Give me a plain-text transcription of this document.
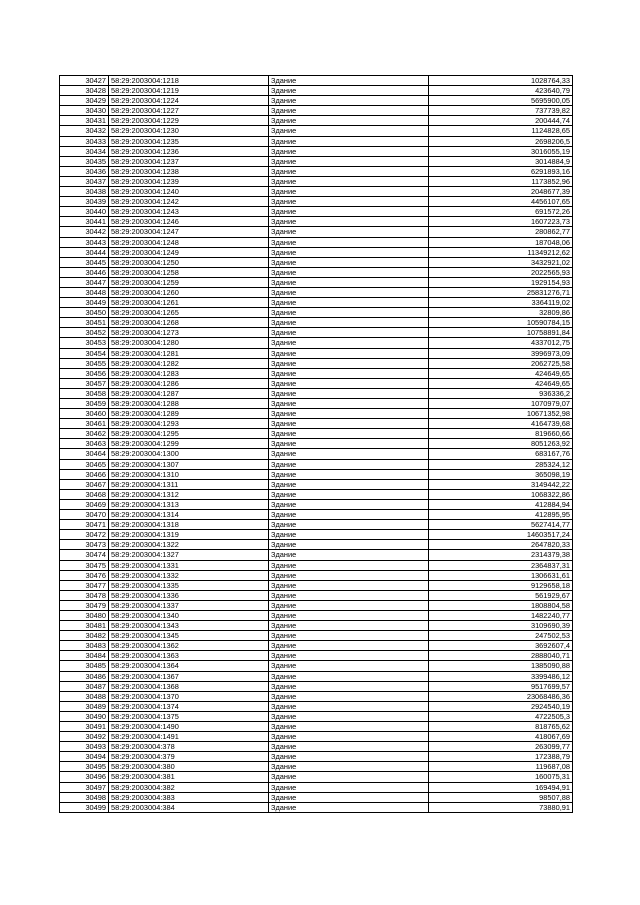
30427	58:29:2003004:1218	Здание	1028764,33
30428	58:29:2003004:1219	Здание	423640,79
30429	58:29:2003004:1224	Здание	5695900,05
30430	58:29:2003004:1227	Здание	737739,82
30431	58:29:2003004:1229	Здание	200444,74
30432	58:29:2003004:1230	Здание	1124828,65
30433	58:29:2003004:1235	Здание	2698206,5
30434	58:29:2003004:1236	Здание	3016055,19
30435	58:29:2003004:1237	Здание	3014884,9
30436	58:29:2003004:1238	Здание	6291893,16
30437	58:29:2003004:1239	Здание	1173852,96
30438	58:29:2003004:1240	Здание	2048677,39
30439	58:29:2003004:1242	Здание	4456107,65
30440	58:29:2003004:1243	Здание	691572,26
30441	58:29:2003004:1246	Здание	1607223,73
30442	58:29:2003004:1247	Здание	280862,77
30443	58:29:2003004:1248	Здание	187048,06
30444	58:29:2003004:1249	Здание	11349212,62
30445	58:29:2003004:1250	Здание	3432921,02
30446	58:29:2003004:1258	Здание	2022565,93
30447	58:29:2003004:1259	Здание	1929154,93
30448	58:29:2003004:1260	Здание	25831276,71
30449	58:29:2003004:1261	Здание	3364119,02
30450	58:29:2003004:1265	Здание	32809,86
30451	58:29:2003004:1268	Здание	10590784,15
30452	58:29:2003004:1273	Здание	10758891,84
30453	58:29:2003004:1280	Здание	4337012,75
30454	58:29:2003004:1281	Здание	3996973,09
30455	58:29:2003004:1282	Здание	2062725,58
30456	58:29:2003004:1283	Здание	424649,65
30457	58:29:2003004:1286	Здание	424649,65
30458	58:29:2003004:1287	Здание	936336,2
30459	58:29:2003004:1288	Здание	1070979,07
30460	58:29:2003004:1289	Здание	10671352,98
30461	58:29:2003004:1293	Здание	4164739,68
30462	58:29:2003004:1295	Здание	819660,66
30463	58:29:2003004:1299	Здание	8051263,92
30464	58:29:2003004:1300	Здание	683167,76
30465	58:29:2003004:1307	Здание	285324,12
30466	58:29:2003004:1310	Здание	365098,19
30467	58:29:2003004:1311	Здание	3149442,22
30468	58:29:2003004:1312	Здание	1068322,86
30469	58:29:2003004:1313	Здание	412884,94
30470	58:29:2003004:1314	Здание	412895,95
30471	58:29:2003004:1318	Здание	5627414,77
30472	58:29:2003004:1319	Здание	14603517,24
30473	58:29:2003004:1322	Здание	2647820,33
30474	58:29:2003004:1327	Здание	2314379,38
30475	58:29:2003004:1331	Здание	2364837,31
30476	58:29:2003004:1332	Здание	1306631,61
30477	58:29:2003004:1335	Здание	9129658,18
30478	58:29:2003004:1336	Здание	561929,67
30479	58:29:2003004:1337	Здание	1808804,58
30480	58:29:2003004:1340	Здание	1482240,77
30481	58:29:2003004:1343	Здание	3109690,39
30482	58:29:2003004:1345	Здание	247502,53
30483	58:29:2003004:1362	Здание	3692607,4
30484	58:29:2003004:1363	Здание	2888040,71
30485	58:29:2003004:1364	Здание	1385090,88
30486	58:29:2003004:1367	Здание	3399486,12
30487	58:29:2003004:1368	Здание	9517699,57
30488	58:29:2003004:1370	Здание	23068486,36
30489	58:29:2003004:1374	Здание	2924540,19
30490	58:29:2003004:1375	Здание	4722505,3
30491	58:29:2003004:1490	Здание	818765,62
30492	58:29:2003004:1491	Здание	418067,69
30493	58:29:2003004:378	Здание	263099,77
30494	58:29:2003004:379	Здание	172388,79
30495	58:29:2003004:380	Здание	119687,08
30496	58:29:2003004:381	Здание	160075,31
30497	58:29:2003004:382	Здание	169494,91
30498	58:29:2003004:383	Здание	98507,88
30499	58:29:2003004:384	Здание	73880,91
